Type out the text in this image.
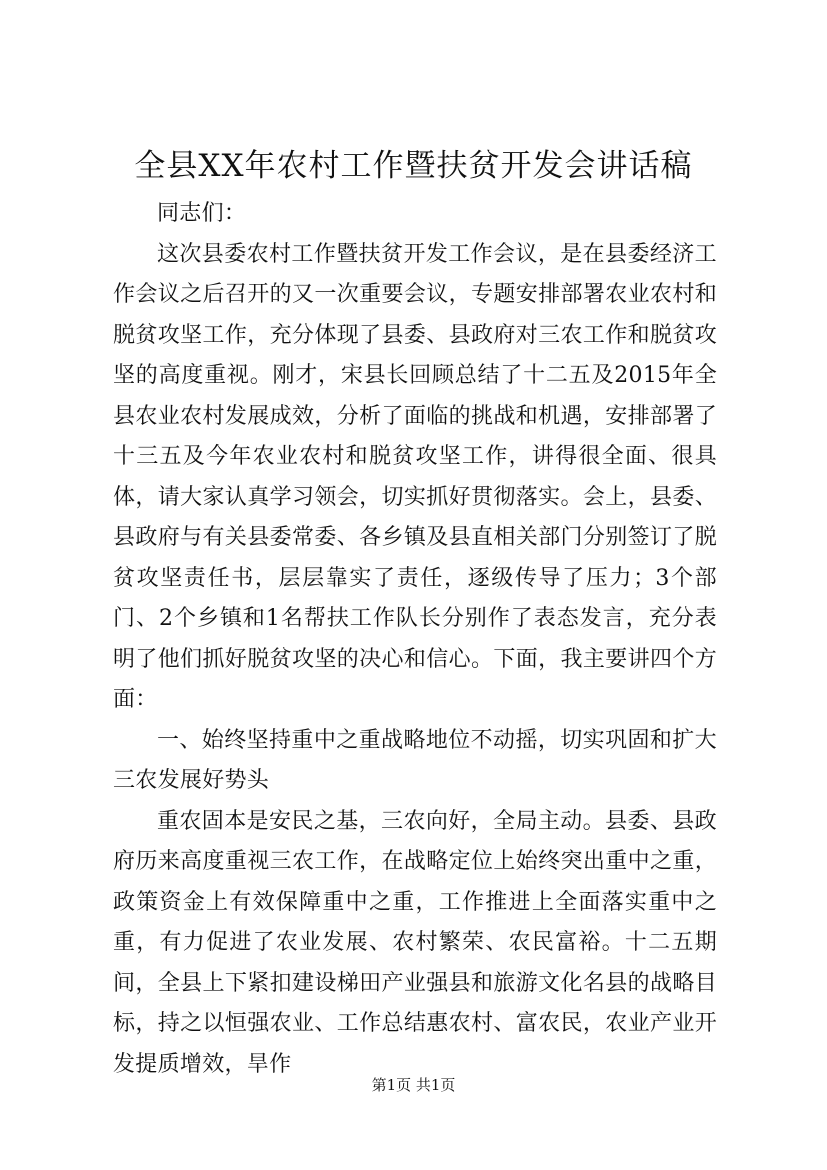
全县XX年农村工作暨扶贫开发会讲话稿

同志们：

这次县委农村工作暨扶贫开发工作会议，是在县委经济工作会议之后召开的又一次重要会议，专题安排部署农业农村和脱贫攻坚工作，充分体现了县委、县政府对三农工作和脱贫攻坚的高度重视。刚才，宋县长回顾总结了十二五及2015年全县农业农村发展成效，分析了面临的挑战和机遇，安排部署了十三五及今年农业农村和脱贫攻坚工作，讲得很全面、很具体，请大家认真学习领会，切实抓好贯彻落实。会上，县委、县政府与有关县委常委、各乡镇及县直相关部门分别签订了脱贫攻坚责任书，层层靠实了责任，逐级传导了压力；3个部门、2个乡镇和1名帮扶工作队长分别作了表态发言，充分表明了他们抓好脱贫攻坚的决心和信心。下面，我主要讲四个方面：

一、始终坚持重中之重战略地位不动摇，切实巩固和扩大三农发展好势头

重农固本是安民之基，三农向好，全局主动。县委、县政府历来高度重视三农工作，在战略定位上始终突出重中之重，政策资金上有效保障重中之重，工作推进上全面落实重中之重，有力促进了农业发展、农村繁荣、农民富裕。十二五期间，全县上下紧扣建设梯田产业强县和旅游文化名县的战略目标，持之以恒强农业、工作总结惠农村、富农民，农业产业开发提质增效，旱作

第1页 共1页
